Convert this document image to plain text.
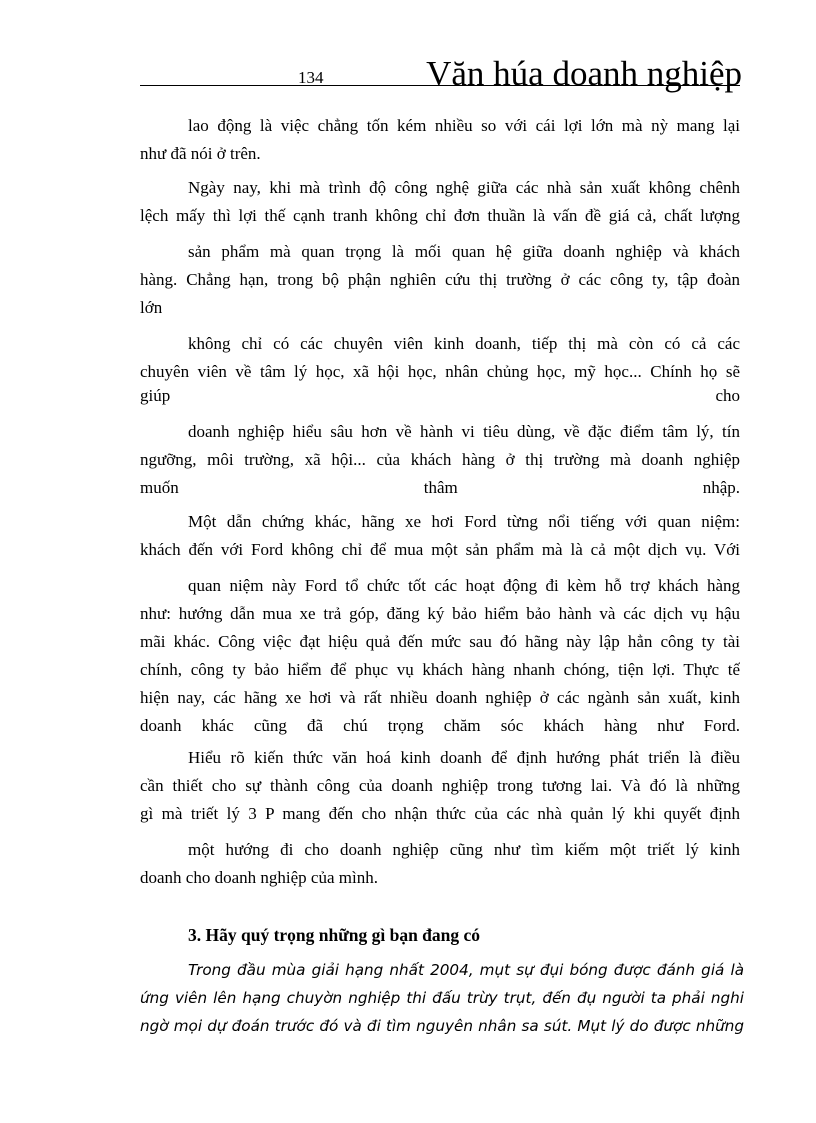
134	Văn húa doanh nghiệp
lao động là việc chẳng tốn kém nhiều so với cái lợi lớn mà nỳ mang lại
như đã nói ở trên.
Ngày nay, khi mà trình độ công nghệ giữa các nhà sản xuất không chênh
lệch mấy thì lợi thế cạnh tranh không chỉ đơn thuần là vấn đề giá cả, chất lượng
sản phẩm mà quan trọng là mối quan hệ giữa doanh nghiệp và khách
hàng. Chẳng hạn, trong bộ phận nghiên cứu thị trường ở các công ty, tập đoàn
lớn
không chỉ có các chuyên viên kinh doanh, tiếp thị mà còn có cả các
chuyên viên về tâm lý học, xã hội học, nhân chủng học, mỹ học... Chính họ sẽ
giúp cho
doanh nghiệp hiểu sâu hơn về hành vi tiêu dùng, về đặc điểm tâm lý, tín
ngưỡng, môi trường, xã hội... của khách hàng ở thị trường mà doanh nghiệp
muốn thâm nhập.
Một dẫn chứng khác, hãng xe hơi Ford từng nổi tiếng với quan niệm:
khách đến với Ford không chỉ để mua một sản phẩm mà là cả một dịch vụ. Với
quan niệm này Ford tổ chức tốt các hoạt động đi kèm hỗ trợ khách hàng
như: hướng dẫn mua xe trả góp, đăng ký bảo hiểm bảo hành và các dịch vụ hậu
mãi khác. Công việc đạt hiệu quả đến mức sau đó hãng này lập hẳn công ty tài
chính, công ty bảo hiểm để phục vụ khách hàng nhanh chóng, tiện lợi. Thực tế
hiện nay, các hãng xe hơi và rất nhiều doanh nghiệp ở các ngành sản xuất, kinh
doanh khác cũng đã chú trọng chăm sóc khách hàng như Ford.
Hiểu rõ kiến thức văn hoá kinh doanh để định hướng phát triển là điều
cần thiết cho sự thành công của doanh nghiệp trong tương lai. Và đó là những
gì mà triết lý 3 P mang đến cho nhận thức của các nhà quản lý khi quyết định
một hướng đi cho doanh nghiệp cũng như tìm kiếm một triết lý kinh
doanh cho doanh nghiệp của mình.
3. Hãy quý trọng những gì bạn đang có
Trong đầu mùa giải hạng nhất 2004, mụt sự đụi bóng được đánh giá là
ứng viên lên hạng chuyờn nghiệp thi đấu trừy trụt, đến đụ người ta phải nghi
ngờ mọi dự đoán trước đó và đi tìm nguyên nhân sa sút. Mụt lý do được những
